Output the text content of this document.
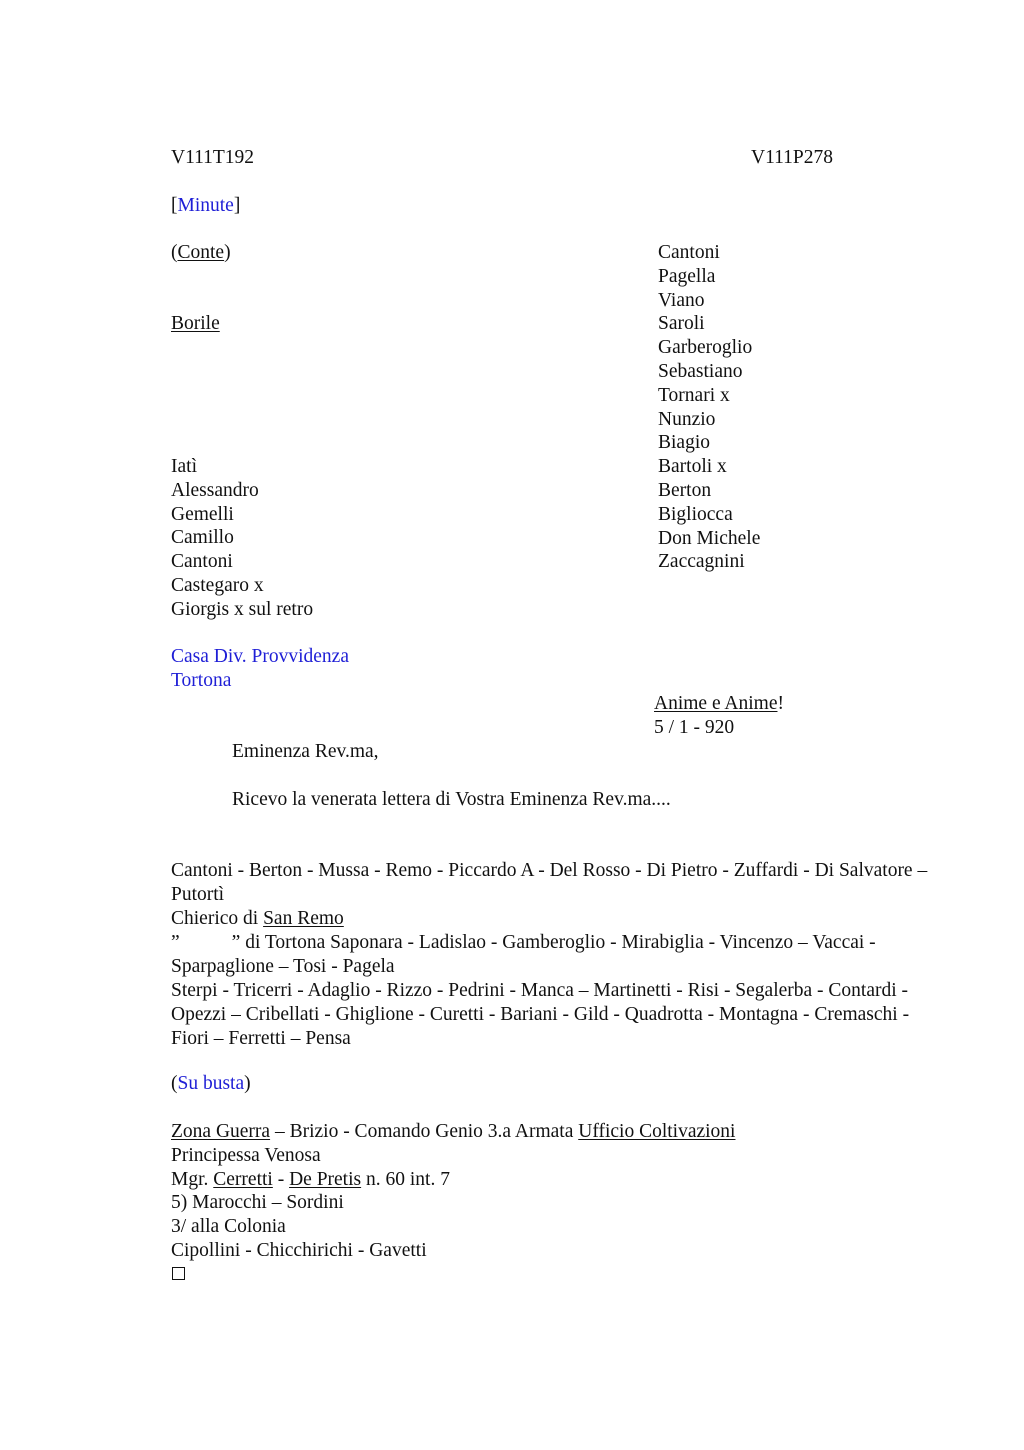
V111T192	V111P278
[Minute]
(Conte)
Borile
Cantoni
Pagella
Viano
Saroli
Garberoglio
Sebastiano
Tornari x
Nunzio
Biagio
Bartoli x
Berton
Bigliocca
Don Michele
Zaccagnini
Iatì
Alessandro
Gemelli
Camillo
Cantoni
Castegaro x
Giorgis x sul retro
Casa Div. Provvidenza
Tortona
Anime e Anime!
5 / 1 - 920
Eminenza Rev.ma,
Ricevo la venerata lettera di Vostra Eminenza Rev.ma....
Cantoni - Berton - Mussa - Remo - Piccardo A - Del Rosso - Di Pietro - Zuffardi - Di Salvatore – Putortì
Chierico di San Remo
”	” di Tortona Saponara - Ladislao - Gamberoglio - Mirabiglia - Vincenzo – Vaccai - Sparpaglione – Tosi - Pagela
Sterpi - Tricerri - Adaglio - Rizzo - Pedrini - Manca – Martinetti - Risi - Segalerba - Contardi - Opezzi – Cribellati - Ghiglione - Curetti - Bariani - Gild - Quadrotta - Montagna - Cremaschi - Fiori – Ferretti – Pensa
(Su busta)
Zona Guerra – Brizio - Comando Genio 3.a Armata Ufficio Coltivazioni
Principessa Venosa
Mgr. Cerretti - De Pretis n. 60 int. 7
5) Marocchi – Sordini
3/ alla Colonia
Cipollini - Chicchirichi - Gavetti
